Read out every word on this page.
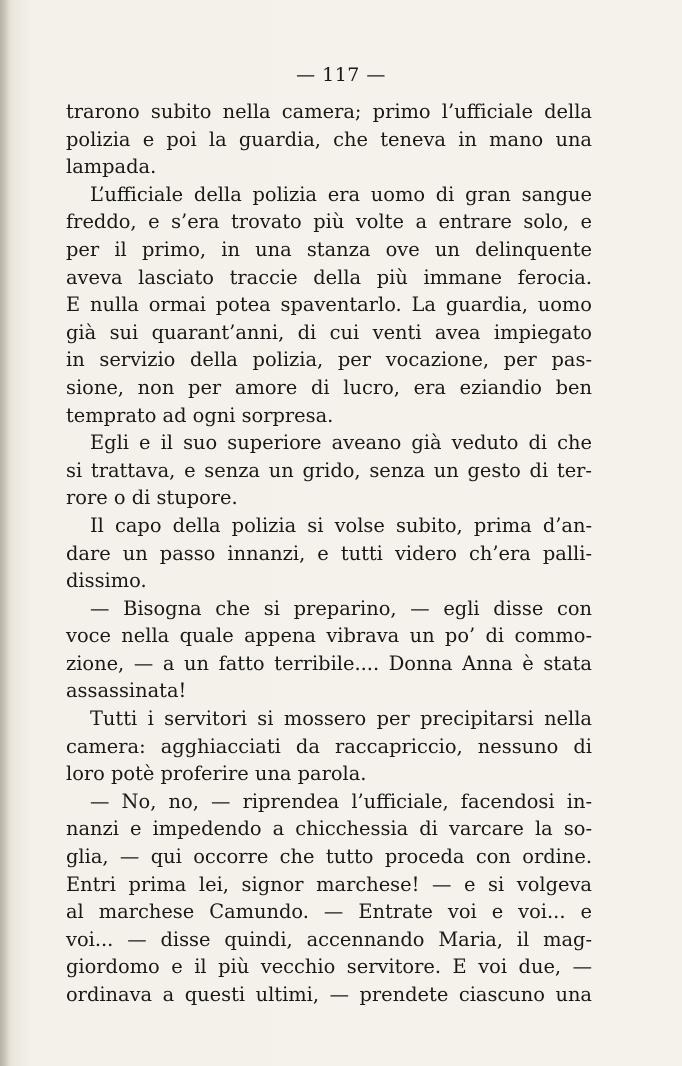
— 117 —
trarono subito nella camera; primo l’ufficiale della
polizia e poi la guardia, che teneva in mano una
lampada.
L’ufficiale della polizia era uomo di gran sangue
freddo, e s’era trovato più volte a entrare solo, e
per il primo, in una stanza ove un delinquente
aveva lasciato traccie della più immane ferocia.
E nulla ormai potea spaventarlo. La guardia, uomo
già sui quarant’anni, di cui venti avea impiegato
in servizio della polizia, per vocazione, per pas-
sione, non per amore di lucro, era eziandio ben
temprato ad ogni sorpresa.
Egli e il suo superiore aveano già veduto di che
si trattava, e senza un grido, senza un gesto di ter-
rore o di stupore.
Il capo della polizia si volse subito, prima d’an-
dare un passo innanzi, e tutti videro ch’era palli-
dissimo.
— Bisogna che si preparino, — egli disse con
voce nella quale appena vibrava un po’ di commo-
zione, — a un fatto terribile.... Donna Anna è stata
assassinata!
Tutti i servitori si mossero per precipitarsi nella
camera: agghiacciati da raccapriccio, nessuno di
loro potè proferire una parola.
— No, no, — riprendea l’ufficiale, facendosi in-
nanzi e impedendo a chicchessia di varcare la so-
glia, — qui occorre che tutto proceda con ordine.
Entri prima lei, signor marchese! — e si volgeva
al marchese Camundo. — Entrate voi e voi... e
voi... — disse quindi, accennando Maria, il mag-
giordomo e il più vecchio servitore. E voi due, —
ordinava a questi ultimi, — prendete ciascuno una
